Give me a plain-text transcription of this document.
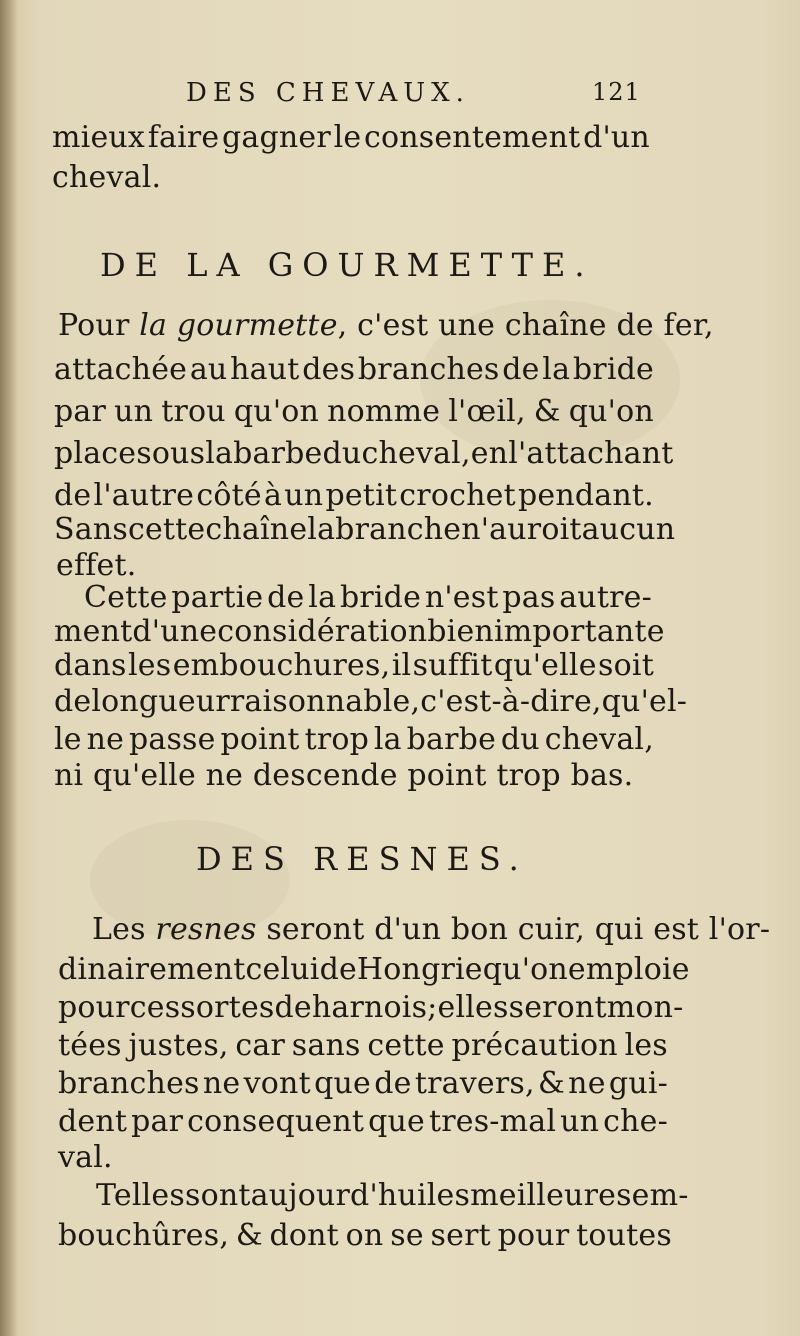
DES CHEVAUX.	121
mieux faire gagner le consentement d'un
cheval.
DE LA GOURMETTE.
Pour la gourmette, c'est une chaîne de fer,
attachée au haut des branches de la bride
par un trou qu'on nomme l'œil, & qu'on
place sous la barbe du cheval, en l'attachant
de l'autre côté à un petit crochet pendant.
Sans cette chaîne la branche n'auroit aucun
effet.
Cette partie de la bride n'est pas autre-
ment d'une considération bien importante
dans les embouchures, il suffit qu'elle soit
de longueur raisonnable, c'est-à-dire, qu'el-
le ne passe point trop la barbe du cheval,
ni qu'elle ne descende point trop bas.
DES RESNES.
Les resnes seront d'un bon cuir, qui est l'or-
dinairement celui de Hongrie qu'on emploie
pour ces sortes de harnois; elles seront mon-
tées justes, car sans cette précaution les
branches ne vont que de travers, & ne gui-
dent par consequent que tres-mal un che-
val.
Telles sont aujourd'hui les meilleures em-
bouchûres, & dont on se sert pour toutes
